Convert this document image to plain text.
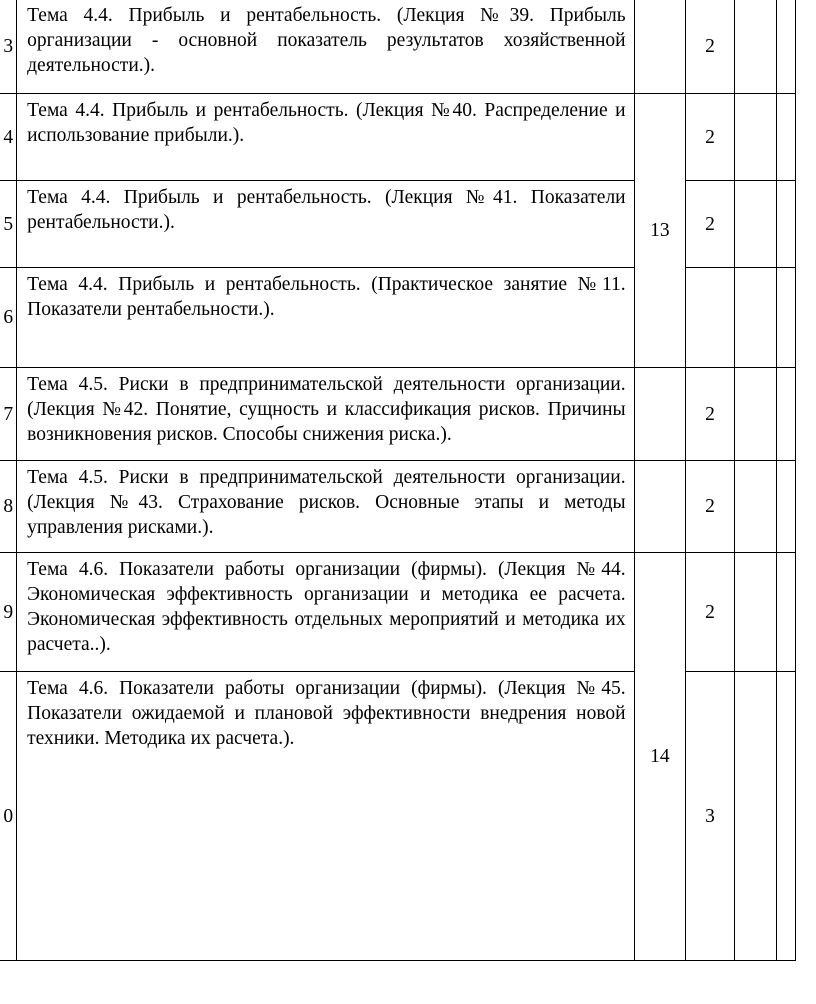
3	Тема 4.4. Прибыль и рентабельность. (Лекция №39. Прибыль организации - основной показатель результатов хозяйственной деятельности.).		2		
4	Тема 4.4. Прибыль и рентабельность. (Лекция №40. Распределение и использование прибыли.).	13	2		
5	Тема 4.4. Прибыль и рентабельность. (Лекция №41. Показатели рентабельности.).		2		
6	Тема 4.4. Прибыль и рентабельность. (Практическое занятие №11. Показатели рентабельности.).				
7	Тема 4.5. Риски в предпринимательской деятельности организации. (Лекция №42. Понятие, сущность и классификация рисков. Причины возникновения рисков. Способы снижения риска.).		2		
8	Тема 4.5. Риски в предпринимательской деятельности организации. (Лекция №43. Страхование рисков. Основные этапы и методы управления рисками.).		2		
9	Тема 4.6. Показатели работы организации (фирмы). (Лекция №44. Экономическая эффективность организации и методика ее расчета. Экономическая эффективность отдельных мероприятий и методика их расчета..).	14	2		
0	Тема 4.6. Показатели работы организации (фирмы). (Лекция №45. Показатели ожидаемой и плановой эффективности внедрения новой техники. Методика их расчета.).		3		
